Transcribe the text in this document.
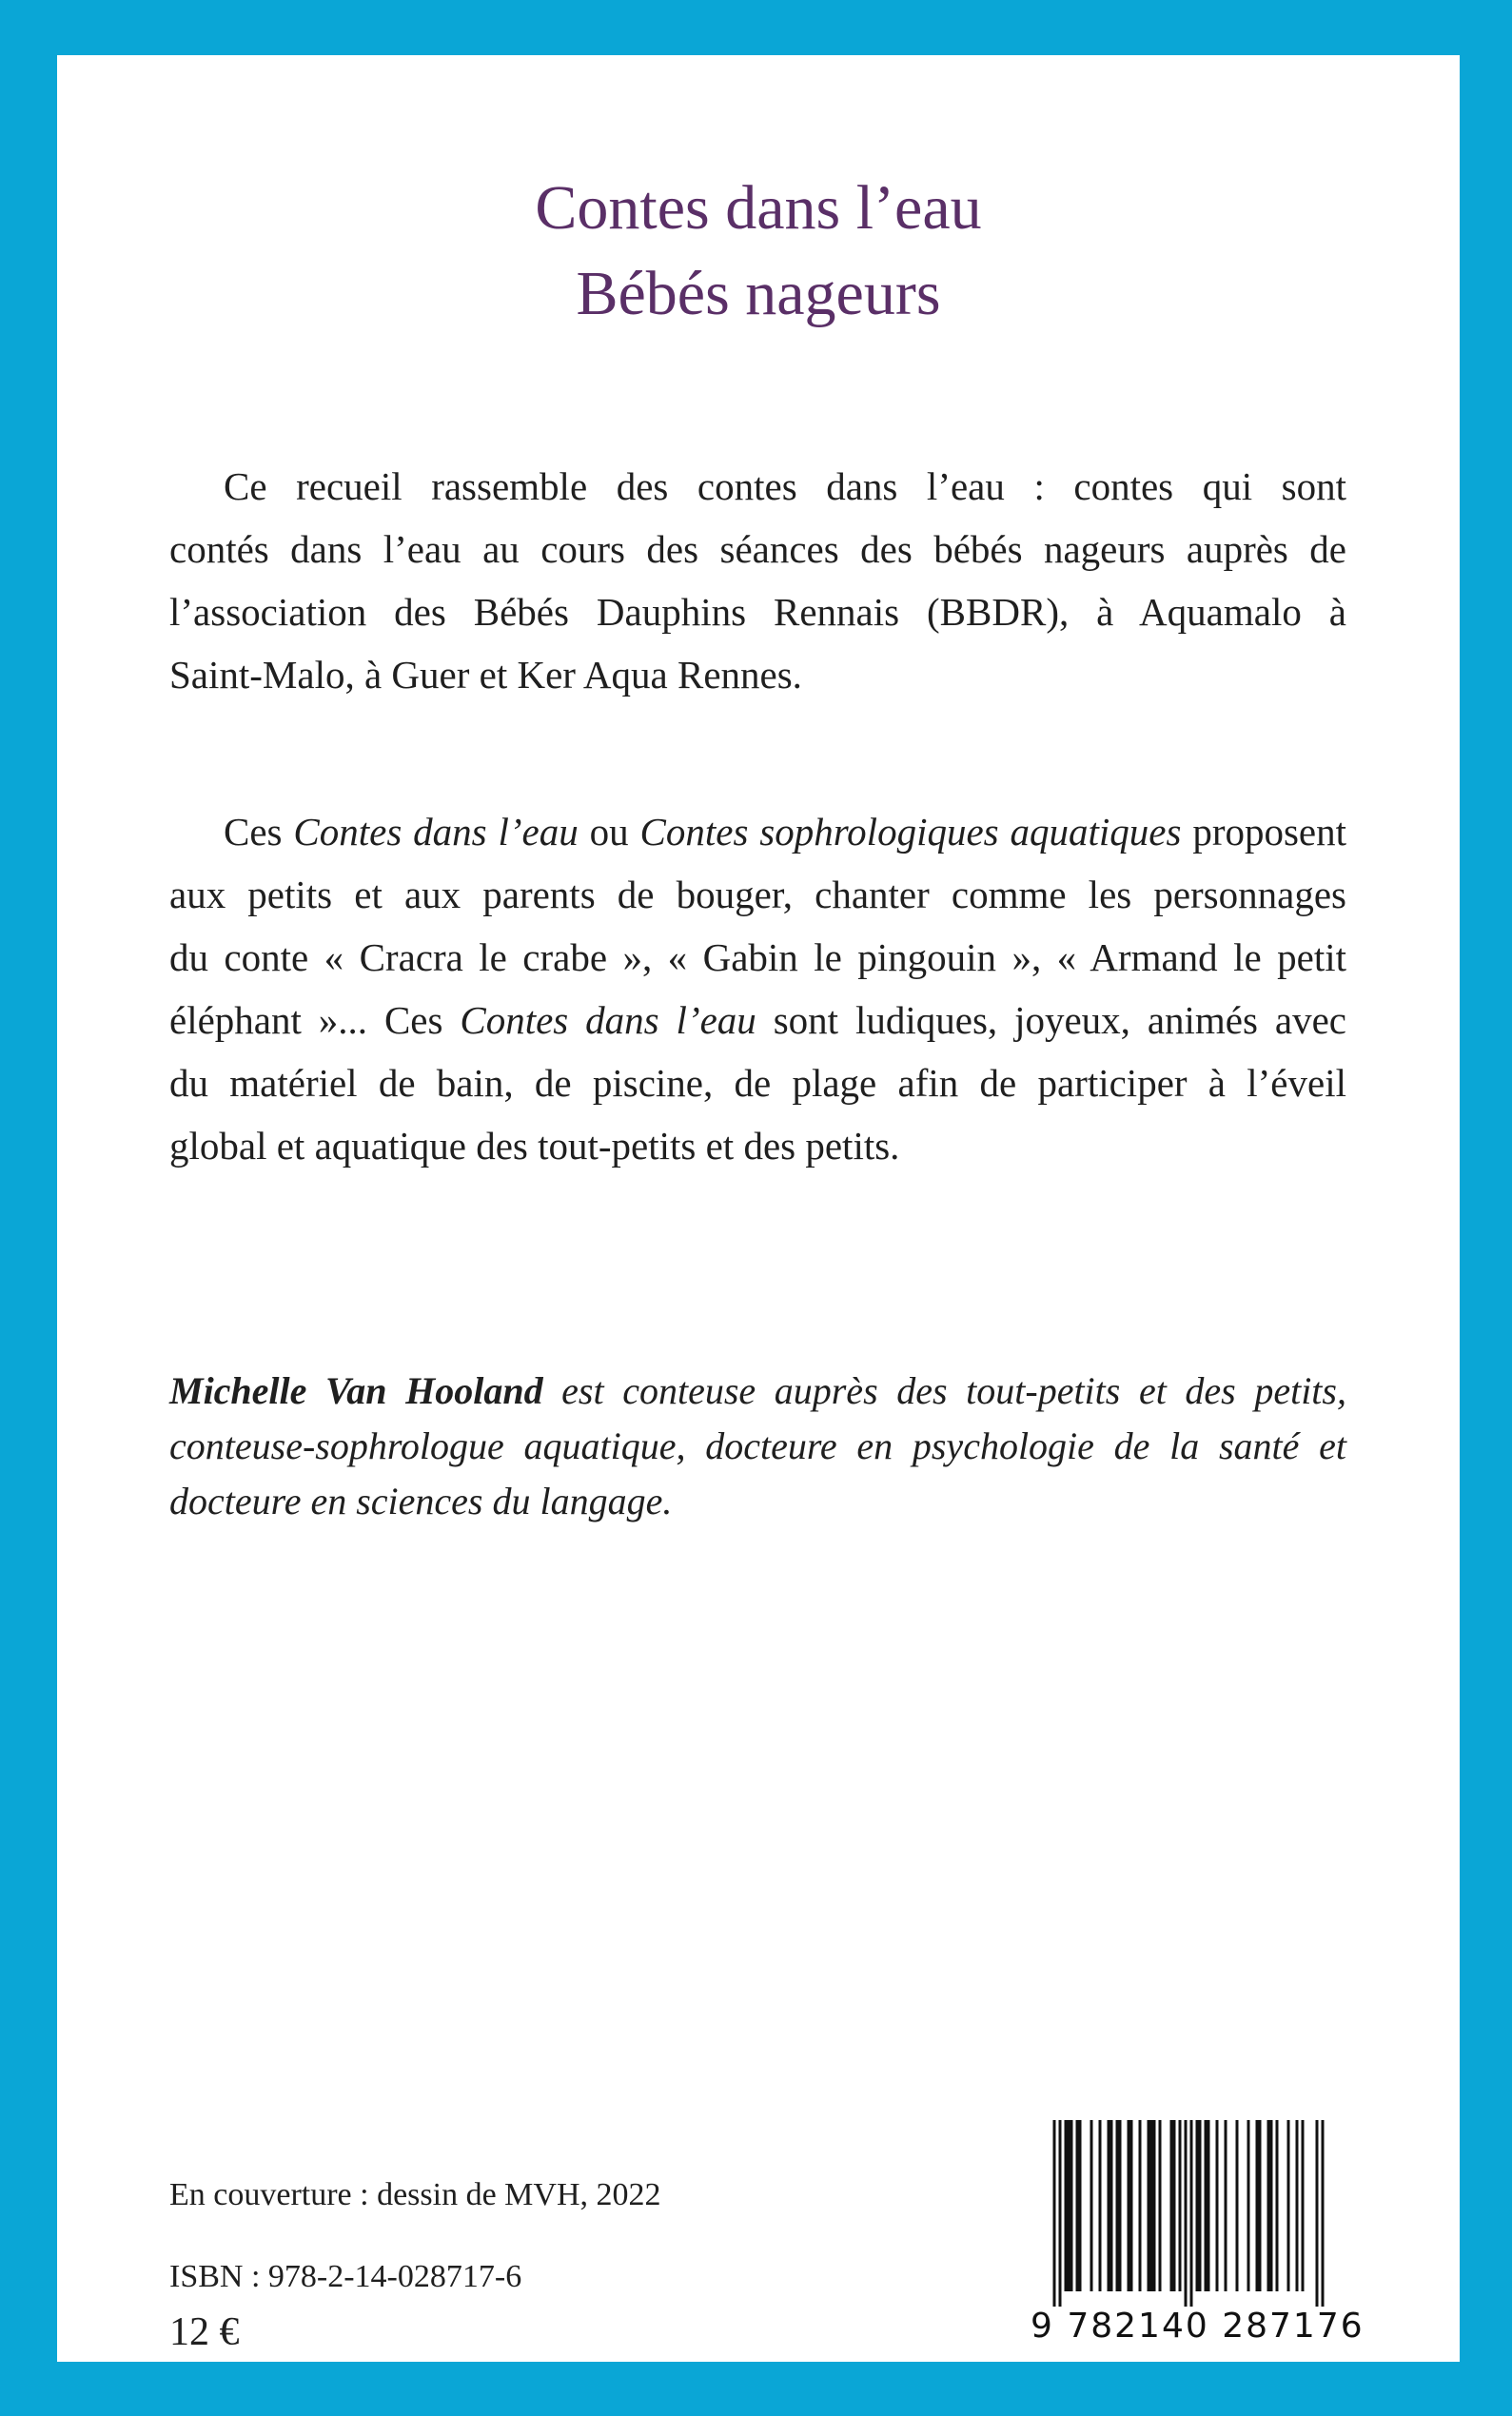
Contes dans l’eau
Bébés nageurs
Ce recueil rassemble des contes dans l’eau : contes qui sont
contés dans l’eau au cours des séances des bébés nageurs auprès de
l’association des Bébés Dauphins Rennais (BBDR), à Aquamalo à
Saint-Malo, à Guer et Ker Aqua Rennes.
Ces Contes dans l’eau ou Contes sophrologiques aquatiques proposent
aux petits et aux parents de bouger, chanter comme les personnages
du conte « Cracra le crabe », « Gabin le pingouin », « Armand le petit
éléphant »... Ces Contes dans l’eau sont ludiques, joyeux, animés avec
du matériel de bain, de piscine, de plage afin de participer à l’éveil
global et aquatique des tout-petits et des petits.
Michelle Van Hooland est conteuse auprès des tout-petits et des petits,
conteuse-sophrologue aquatique, docteure en psychologie de la santé et
docteure en sciences du langage.
En couverture : dessin de MVH, 2022
ISBN : 978-2-14-028717-6
12 €	9 782140 287176
